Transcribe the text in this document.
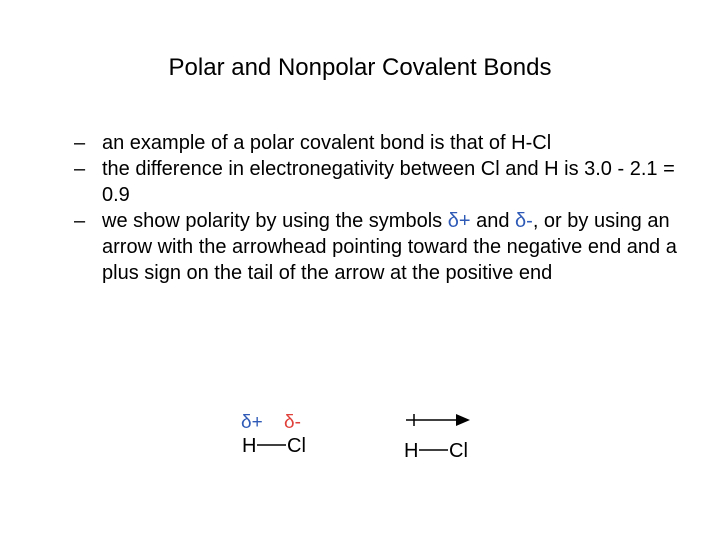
Polar and Nonpolar Covalent Bonds
– an example of a polar covalent bond is that of H-Cl
– the difference in electronegativity between Cl and H is 3.0 - 2.1 = 0.9
– we show polarity by using the symbols δ+ and δ-, or by using an arrow with the arrowhead pointing toward the negative end and a plus sign on the tail of the arrow at the positive end
δ+ δ-
H Cl	H Cl
